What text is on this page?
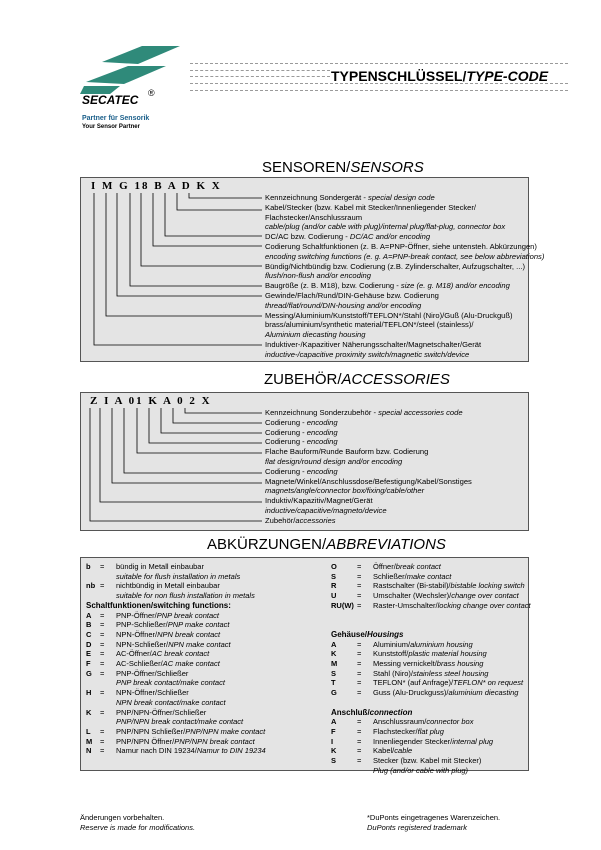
SECATEC ®
Partner für Sensorik
Your Sensor Partner
TYPENSCHLÜSSEL/TYPE-CODE
SENSOREN/SENSORS
I M G 18 B A D K X
Kennzeichnung Sondergerät - special design code
Kabel/Stecker (bzw. Kabel mit Stecker/Innenliegender Stecker/
Flachstecker/Anschlussraum
cable/plug (and/or cable with plug)/internal plug/flat-plug, connector box
DC/AC bzw. Codierung - DC/AC and/or encoding
Codierung Schaltfunktionen (z. B. A=PNP-Öffner, siehe untensteh. Abkürzungen)
encoding switching functions (e. g. A=PNP-break contact, see below abbreviations)
Bündig/Nichtbündig bzw. Codierung (z.B. Zylinderschalter, Aufzugschalter, ...)
flush/non-flush and/or encoding
Baugröße (z. B. M18), bzw. Codierung - size (e. g. M18) and/or encoding
Gewinde/Flach/Rund/DIN-Gehäuse bzw. Codierung
thread/flat/round/DIN-housing and/or encoding
Messing/Aluminium/Kunststoff/TEFLON*/Stahl (Niro)/Guß (Alu-Druckguß)
brass/aluminium/synthetic material/TEFLON*/steel (stainless)/
Aluminium diecasting housing
Induktiver-/Kapazitiver Näherungsschalter/Magnetschalter/Gerät
inductive-/capacitive proximity switch/magnetic switch/device
ZUBEHÖR/ACCESSORIES
Z I A 01 K A 0 2 X
Kennzeichnung Sonderzubehör - special accessories code
Codierung - encoding
Codierung - encoding
Codierung - encoding
Flache Bauform/Runde Bauform bzw. Codierung
flat design/round design and/or encoding
Codierung - encoding
Magnete/Winkel/Anschlussdose/Befestigung/Kabel/Sonstiges
magnets/angle/connector box/fixing/cable/other
Induktiv/Kapazitiv/Magnet/Gerät
inductive/capacitive/magneto/device
Zubehör/accessories
ABKÜRZUNGEN/ABBREVIATIONS
b = bündig in Metall einbaubar
suitable for flush installation in metals
nb = nichtbündig in Metall einbaubar
suitable for non flush installation in metals
Schaltfunktionen/switching functions:
A = PNP-Öffner/PNP break contact
B = PNP-Schließer/PNP make contact
C = NPN-Öffner/NPN break contact
D = NPN-Schließer/NPN make contact
E = AC-Öffner/AC break contact
F = AC-Schließer/AC make contact
G = PNP-Öffner/Schließer
PNP break contact/make contact
H = NPN-Öffner/Schließer
NPN break contact/make contact
K = PNP/NPN-Öffner/Schließer
PNP/NPN break contact/make contact
L = PNP/NPN Schließer/PNP/NPN make contact
M = PNP/NPN Öffner/PNP/NPN break contact
N = Namur nach DIN 19234/Namur to DIN 19234
O	= Öffner/break contact
S	= Schließer/make contact
R	= Rastschalter (Bi-stabil)/bistable locking switch
U	= Umschalter (Wechsler)/change over contact
RU(W) = Raster-Umschalter/locking change over contact
Gehäuse/Housings
A	= Aluminium/aluminium housing
K	= Kunststoff/plastic material housing
M	= Messing vernickelt/brass housing
S	= Stahl (Niro)/stainless steel housing
T	= TEFLON* (auf Anfrage)/TEFLON* on request
G	= Guss (Alu-Druckguss)/aluminium diecasting
Anschluß/connection
A	= Anschlussraum/connector box
F	= Flachstecker/flat plug
I	= Innenliegender Stecker/internal plug
K	= Kabel/cable
S	= Stecker (bzw. Kabel mit Stecker)
Plug (and/or cable with plug)
Änderungen vorbehalten.
Reserve is made for modifications.
*DuPonts eingetragenes Warenzeichen.
DuPonts registered trademark
